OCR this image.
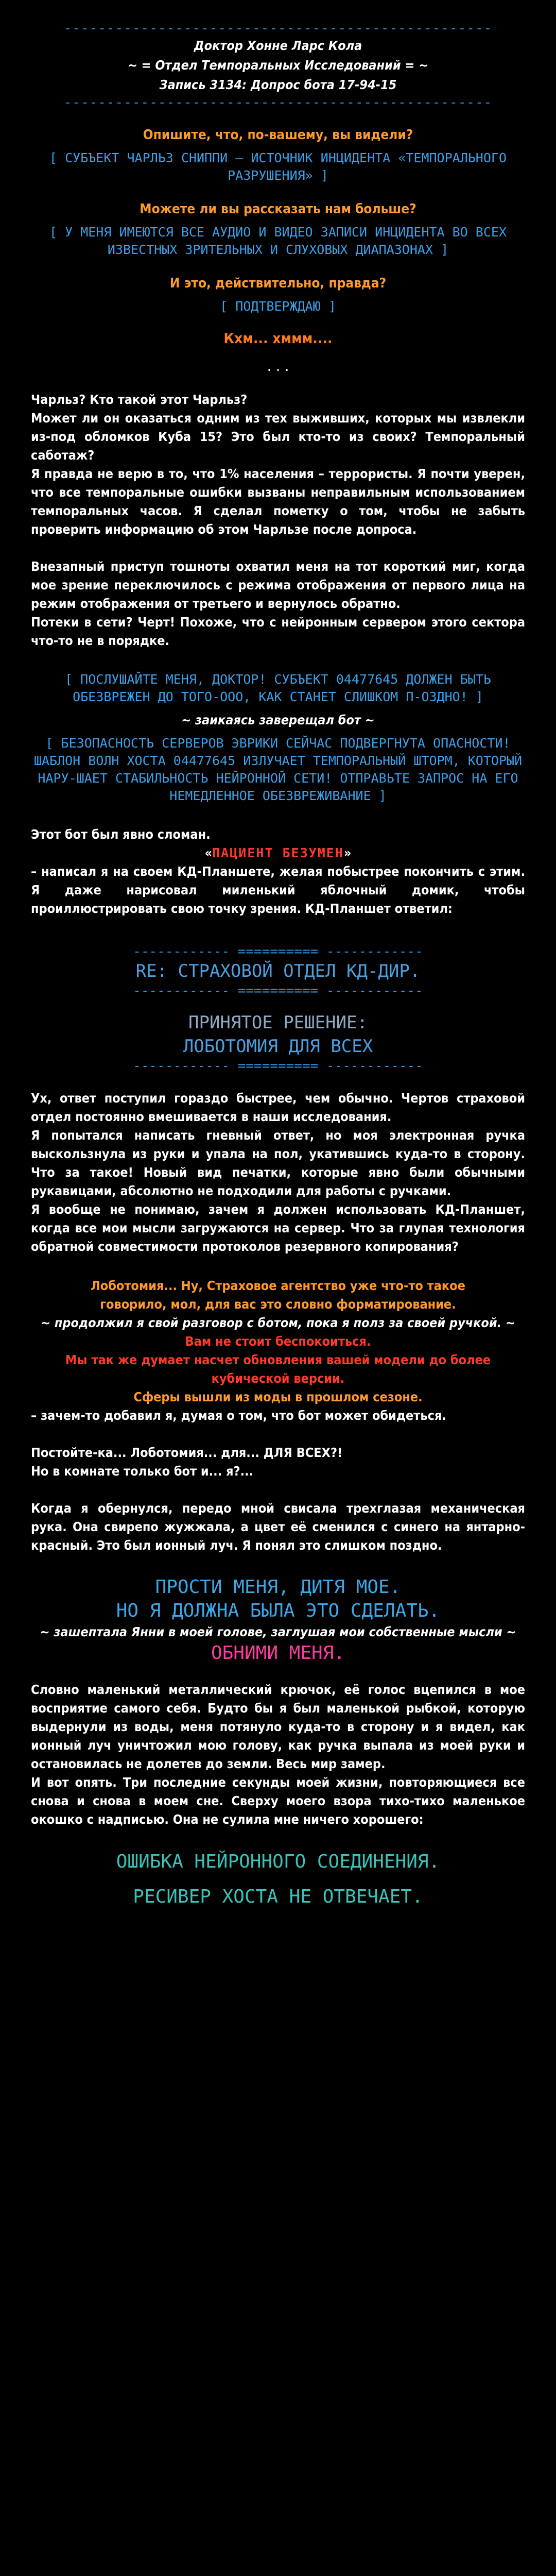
--------------------------------------------------
Доктор Хонне Ларс Кола
~ = Отдел Темпоральных Исследований = ~
Запись 3134: Допрос бота 17-94-15
--------------------------------------------------
Опишите, что, по-вашему, вы видели?
[ СУБЪЕКТ ЧАРЛЬЗ СНИППИ – ИСТОЧНИК ИНЦИДЕНТА «ТЕМПОРАЛЬНОГО РАЗРУШЕНИЯ» ]
Можете ли вы рассказать нам больше?
[ У МЕНЯ ИМЕЮТСЯ ВСЕ АУДИО И ВИДЕО ЗАПИСИ ИНЦИДЕНТА ВО ВСЕХ ИЗВЕСТНЫХ ЗРИТЕЛЬНЫХ И СЛУХОВЫХ ДИАПАЗОНАХ ]
И это, действительно, правда?
[ ПОДТВЕРЖДАЮ ]
Кхм... хммм....
. . .

Чарльз? Кто такой этот Чарльз?

Может ли он оказаться одним из тех выживших, которых мы извлекли из-под обломков Куба 15? Это был кто-то из своих? Темпоральный саботаж?

Я правда не верю в то, что 1% населения – террористы. Я почти уверен, что все темпоральные ошибки вызваны неправильным использованием темпоральных часов. Я сделал пометку о том, чтобы не забыть проверить информацию об этом Чарльзе после допроса.

Внезапный приступ тошноты охватил меня на тот короткий миг, когда мое зрение переключилось с режима отображения от первого лица на режим отображения от третьего и вернулось обратно.

Потеки в сети? Черт! Похоже, что с нейронным сервером этого сектора что-то не в порядке.

[ ПОСЛУШАЙТЕ МЕНЯ, ДОКТОР! СУБЪЕКТ 04477645 ДОЛЖЕН БЫТЬ ОБЕЗВРЕЖЕН ДО ТОГО-ООО, КАК СТАНЕТ СЛИШКОМ П-ОЗДНО! ]
~ заикаясь заверещал бот ~
[ БЕЗОПАСНОСТЬ СЕРВЕРОВ ЭВРИКИ СЕЙЧАС ПОДВЕРГНУТА ОПАСНОСТИ! ШАБЛОН ВОЛН ХОСТА 04477645 ИЗЛУЧАЕТ ТЕМПОРАЛЬНЫЙ ШТОРМ, КОТОРЫЙ НАРУ-ШАЕТ СТАБИЛЬНОСТЬ НЕЙРОННОЙ СЕТИ! ОТПРАВЬТЕ ЗАПРОС НА ЕГО НЕМЕДЛЕННОЕ ОБЕЗВРЕЖИВАНИЕ ]

Этот бот был явно сломан.

«ПАЦИЕНТ БЕЗУМЕН»

– написал я на своем КД-Планшете, желая побыстрее покончить с этим. Я даже нарисовал миленький яблочный домик, чтобы проиллюстрировать свою точку зрения. КД-Планшет ответил:

------------ ========== ------------
RE: СТРАХОВОЙ ОТДЕЛ КД-ДИР.
------------ ========== ------------
ПРИНЯТОЕ РЕШЕНИЕ:
ЛОБОТОМИЯ ДЛЯ ВСЕХ
------------ ========== ------------

Ух, ответ поступил гораздо быстрее, чем обычно. Чертов страховой отдел постоянно вмешивается в наши исследования.

Я попытался написать гневный ответ, но моя электронная ручка выскользнула из руки и упала на пол, укатившись куда-то в сторону. Что за такое! Новый вид печатки, которые явно были обычными рукавицами, абсолютно не подходили для работы с ручками.

Я вообще не понимаю, зачем я должен использовать КД-Планшет, когда все мои мысли загружаются на сервер. Что за глупая технология обратной совместимости протоколов резервного копирования?

Лоботомия... Ну, Страховое агентство уже что-то такое говорило, мол, для вас это словно форматирование.
~ продолжил я свой разговор с ботом, пока я полз за своей ручкой. ~
Вам не стоит беспокоиться.
Мы так же думает насчет обновления вашей модели до более кубической версии.
Сферы вышли из моды в прошлом сезоне.

– зачем-то добавил я, думая о том, что бот может обидеться.

Постойте-ка... Лоботомия... для... ДЛЯ ВСЕХ?!

Но в комнате только бот и... я?...

Когда я обернулся, передо мной свисала трехглазая механическая рука. Она свирепо жужжала, а цвет её сменился с синего на янтарно-красный. Это был ионный луч. Я понял это слишком поздно.

ПРОСТИ МЕНЯ, ДИТЯ МОЕ.
НО Я ДОЛЖНА БЫЛА ЭТО СДЕЛАТЬ.
~ зашептала Янни в моей голове, заглушая мои собственные мысли ~
ОБНИМИ МЕНЯ.

Словно маленький металлический крючок, её голос вцепился в мое восприятие самого себя. Будто бы я был маленькой рыбкой, которую выдернули из воды, меня потянуло куда-то в сторону и я видел, как ионный луч уничтожил мою голову, как ручка выпала из моей руки и остановилась не долетев до земли. Весь мир замер.

И вот опять. Три последние секунды моей жизни, повторяющиеся все снова и снова в моем сне. Сверху моего взора тихо-тихо маленькое окошко с надписью. Она не сулила мне ничего хорошего:

ОШИБКА НЕЙРОННОГО СОЕДИНЕНИЯ.
РЕСИВЕР ХОСТА НЕ ОТВЕЧАЕТ.
